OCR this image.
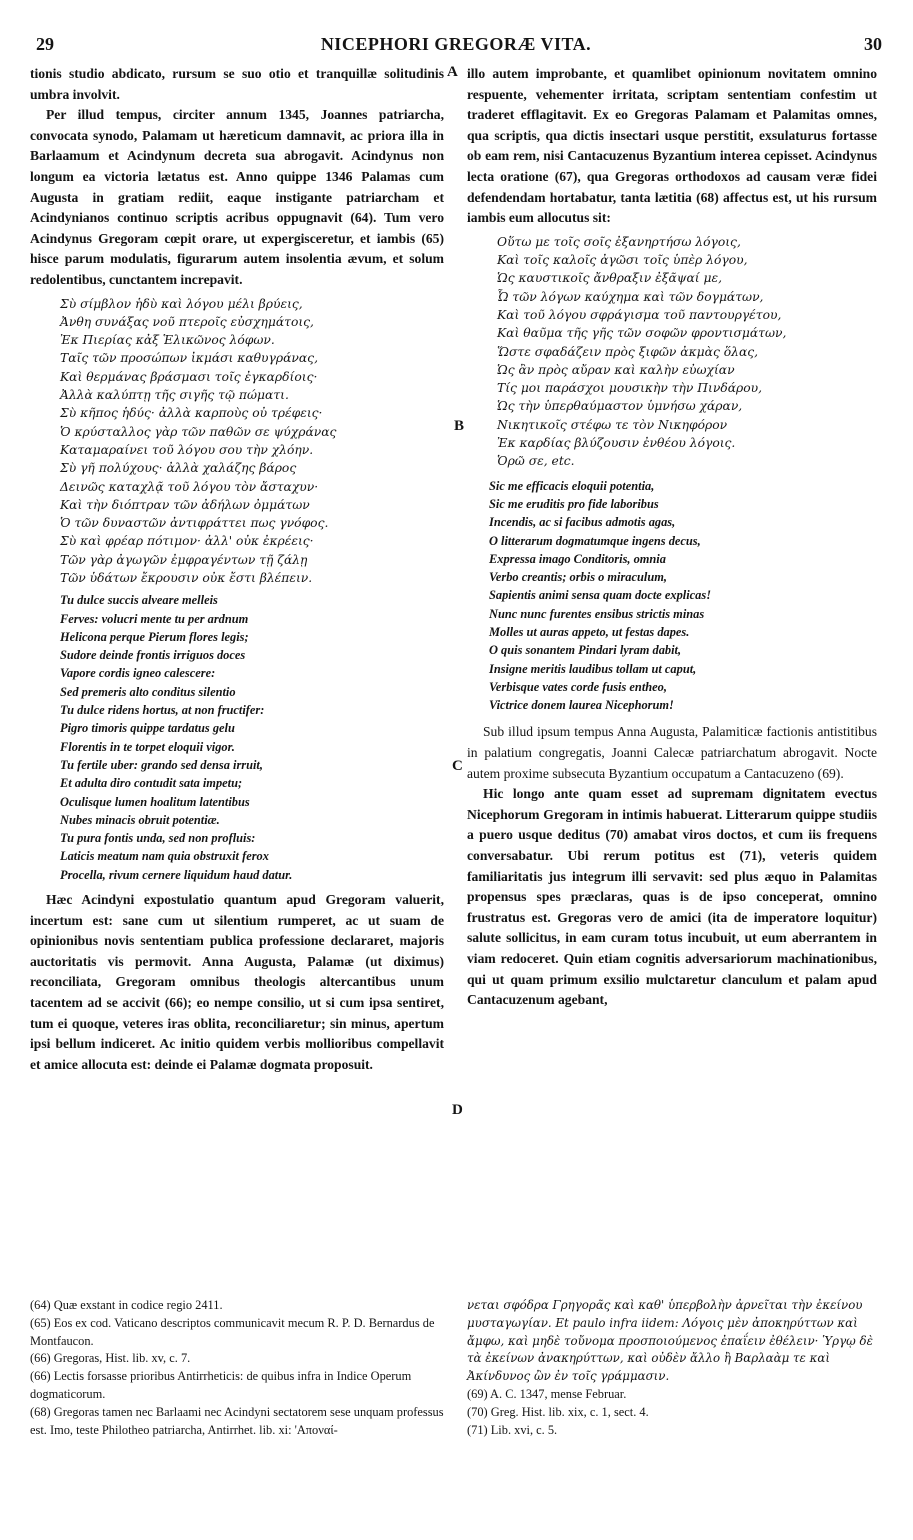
29	NICEPHORI GREGORÆ VITA.	30
A
B
C
D

tionis studio abdicato, rursum se suo otio et tranquillæ solitudinis umbra involvit.

Per illud tempus, circiter annum 1345, Joannes patriarcha, convocata synodo, Palamam ut hæreticum damnavit, ac priora illa in Barlaamum et Acindynum decreta sua abrogavit. Acindynus non longum ea victoria lætatus est. Anno quippe 1346 Palamas cum Augusta in gratiam rediit, eaque instigante patriarcham et Acindynianos continuo scriptis acribus oppugnavit (64). Tum vero Acindynus Gregoram cœpit orare, ut expergisceretur, et iambis (65) hisce parum modulatis, figurarum autem insolentia ævum, et solum redolentibus, cunctantem increpavit.

Σὺ σίμβλον ἡδὺ καὶ λόγου μέλι βρύεις,
Ἀνθη συνάξας νοῦ πτεροῖς εὐσχημάτοις,
Ἐκ Πιερίας κἀξ Ἑλικῶνος λόφων.
Ταῖς τῶν προσώπων ἰκμάσι καθυγράνας,
Καὶ θερμάνας βράσμασι τοῖς ἐγκαρδίοις·
Ἀλλὰ καλύπτῃ τῆς σιγῆς τῷ πώματι.
Σὺ κῆπος ἡδύς· ἀλλὰ καρποὺς οὐ τρέφεις·
Ὁ κρύσταλλος γὰρ τῶν παθῶν σε ψύχράνας
Καταμαραίνει τοῦ λόγου σου τὴν χλόην.
Σὺ γῆ πολύχους· ἀλλὰ χαλάζης βάρος
Δεινῶς καταχλᾷ τοῦ λόγου τὸν ἄσταχυν·
Καὶ τὴν διόπτραν τῶν ἀδήλων ὀμμάτων
Ὁ τῶν δυναστῶν ἀντιφράττει πως γνόφος.
Σὺ καὶ φρέαρ πότιμον· ἀλλ' οὐκ ἐκρέεις·
Τῶν γὰρ ἀγωγῶν ἐμφραγέντων τῇ ζάλῃ
Τῶν ὑδάτων ἔκρουσιν οὐκ ἔστι βλέπειν.
Tu dulce succis alveare melleis
Ferves: volucri mente tu per ardnum
Helicona perque Pierum flores legis;
Sudore deinde frontis irriguos doces
Vapore cordis igneo calescere:
Sed premeris alto conditus silentio
Tu dulce ridens hortus, at non fructifer:
Pigro timoris quippe tardatus gelu
Florentis in te torpet eloquii vigor.
Tu fertile uber: grando sed densa irruit,
Et adulta diro contudit sata impetu;
Oculisque lumen hoalitum latentibus
Nubes minacis obruit potentiæ.
Tu pura fontis unda, sed non profluis:
Laticis meatum nam quia obstruxit ferox
Procella, rivum cernere liquidum haud datur.

Hæc Acindyni expostulatio quantum apud Gregoram valuerit, incertum est: sane cum ut silentium rumperet, ac ut suam de opinionibus novis sententiam publica professione declararet, majoris auctoritatis vis permovit. Anna Augusta, Palamæ (ut diximus) reconciliata, Gregoram omnibus theologis altercantibus unum tacentem ad se accivit (66); eo nempe consilio, ut si cum ipsa sentiret, tum ei quoque, veteres iras oblita, reconciliaretur; sin minus, apertum ipsi bellum indiceret. Ac initio quidem verbis mollioribus compellavit et amice allocuta est: deinde ei Palamæ dogmata proposuit.

illo autem improbante, et quamlibet opinionum novitatem omnino respuente, vehementer irritata, scriptam sententiam confestim ut traderet efflagitavit. Ex eo Gregoras Palamam et Palamitas omnes, qua scriptis, qua dictis insectari usque perstitit, exsulaturus fortasse ob eam rem, nisi Cantacuzenus Byzantium interea cepisset. Acindynus lecta oratione (67), qua Gregoras orthodoxos ad causam veræ fidei defendendam hortabatur, tanta lætitia (68) affectus est, ut his rursum iambis eum allocutus sit:

Οὕτω με τοῖς σοῖς ἐξανηρτήσω λόγοις,
Καὶ τοῖς καλοῖς ἀγῶσι τοῖς ὑπὲρ λόγου,
Ὡς καυστικοῖς ἄνθραξιν ἐξᾶψαί με,
Ὦ τῶν λόγων καύχημα καὶ τῶν δογμάτων,
Καὶ τοῦ λόγου σφράγισμα τοῦ παντουργέτου,
Καὶ θαῦμα τῆς γῆς τῶν σοφῶν φροντισμάτων,
Ὥστε σφαδάζειν πρὸς ξιφῶν ἀκμὰς ὅλας,
Ὡς ἂν πρὸς αὔραν καὶ καλὴν εὐωχίαν
Τίς μοι παράσχοι μουσικὴν τὴν Πινδάρου,
Ὡς τὴν ὑπερθαύμαστον ὑμνήσω χάραν,
Νικητικοῖς στέφω τε τὸν Νικηφόρον
Ἐκ καρδίας βλύζουσιν ἐνθέου λόγοις.
Ὁρῶ σε, etc.
Sic me efficacis eloquii potentia,
Sic me eruditis pro fide laboribus
Incendis, ac si facibus admotis agas,
O litterarum dogmatumque ingens decus,
Expressa imago Conditoris, omnia
Verbo creantis; orbis o miraculum,
Sapientis animi sensa quam docte explicas!
Nunc nunc furentes ensibus strictis minas
Molles ut auras appeto, ut festas dapes.
O quis sonantem Pindari lyram dabit,
Insigne meritis laudibus tollam ut caput,
Verbisque vates corde fusis entheo,
Victrice donem laurea Nicephorum!

Sub illud ipsum tempus Anna Augusta, Palamiticæ factionis antistitibus in palatium congregatis, Joanni Calecæ patriarchatum abrogavit. Nocte autem proxime subsecuta Byzantium occupatum a Cantacuzeno (69).

Hic longo ante quam esset ad supremam dignitatem evectus Nicephorum Gregoram in intimis habuerat. Litterarum quippe studiis a puero usque deditus (70) amabat viros doctos, et cum iis frequens conversabatur. Ubi rerum potitus est (71), veteris quidem familiaritatis jus integrum illi servavit: sed plus æquo in Palamitas propensus spes præclaras, quas is de ipso conceperat, omnino frustratus est. Gregoras vero de amici (ita de imperatore loquitur) salute sollicitus, in eam curam totus incubuit, ut eum aberrantem in viam redoceret. Quin etiam cognitis adversariorum machinationibus, qui ut quam primum exsilio mulctaretur clanculum et palam apud Cantacuzenum agebant,

(64) Quæ exstant in codice regio 2411.
(65) Eos ex cod. Vaticano descriptos communicavit mecum R. P. D. Bernardus de Montfaucon.
(66) Gregoras, Hist. lib. xv, c. 7.
(66) Lectis forsasse prioribus Antirrheticis: de quibus infra in Indice Operum dogmaticorum.
(68) Gregoras tamen nec Barlaami nec Acindyni sectatorem sese unquam professus est. Imo, teste Philotheo patriarcha, Antirrhet. lib. xi: 'Αποναί-
νεται σφόδρα Γρηγορᾶς καὶ καθ' ὑπερβολὴν ἀρνεῖται τὴν ἐκείνου μυσταγωγίαν. Et paulo infra iidem: Λόγοις μὲν ἀποκηρύττων καὶ ἄμφω, καὶ μηδὲ τοὔνομα προσποιούμενος ἐπαΐειν ἐθέλειν· Ὑργῳ δὲ τὰ ἐκείνων ἀνακηρύττων, καὶ οὐδὲν ἄλλο ἢ Βαρλαὰμ τε καὶ Ἀκίνδυνος ὢν ἐν τοῖς γράμμασιν.
(69) A. C. 1347, mense Februar.
(70) Greg. Hist. lib. xix, c. 1, sect. 4.
(71) Lib. xvi, c. 5.
